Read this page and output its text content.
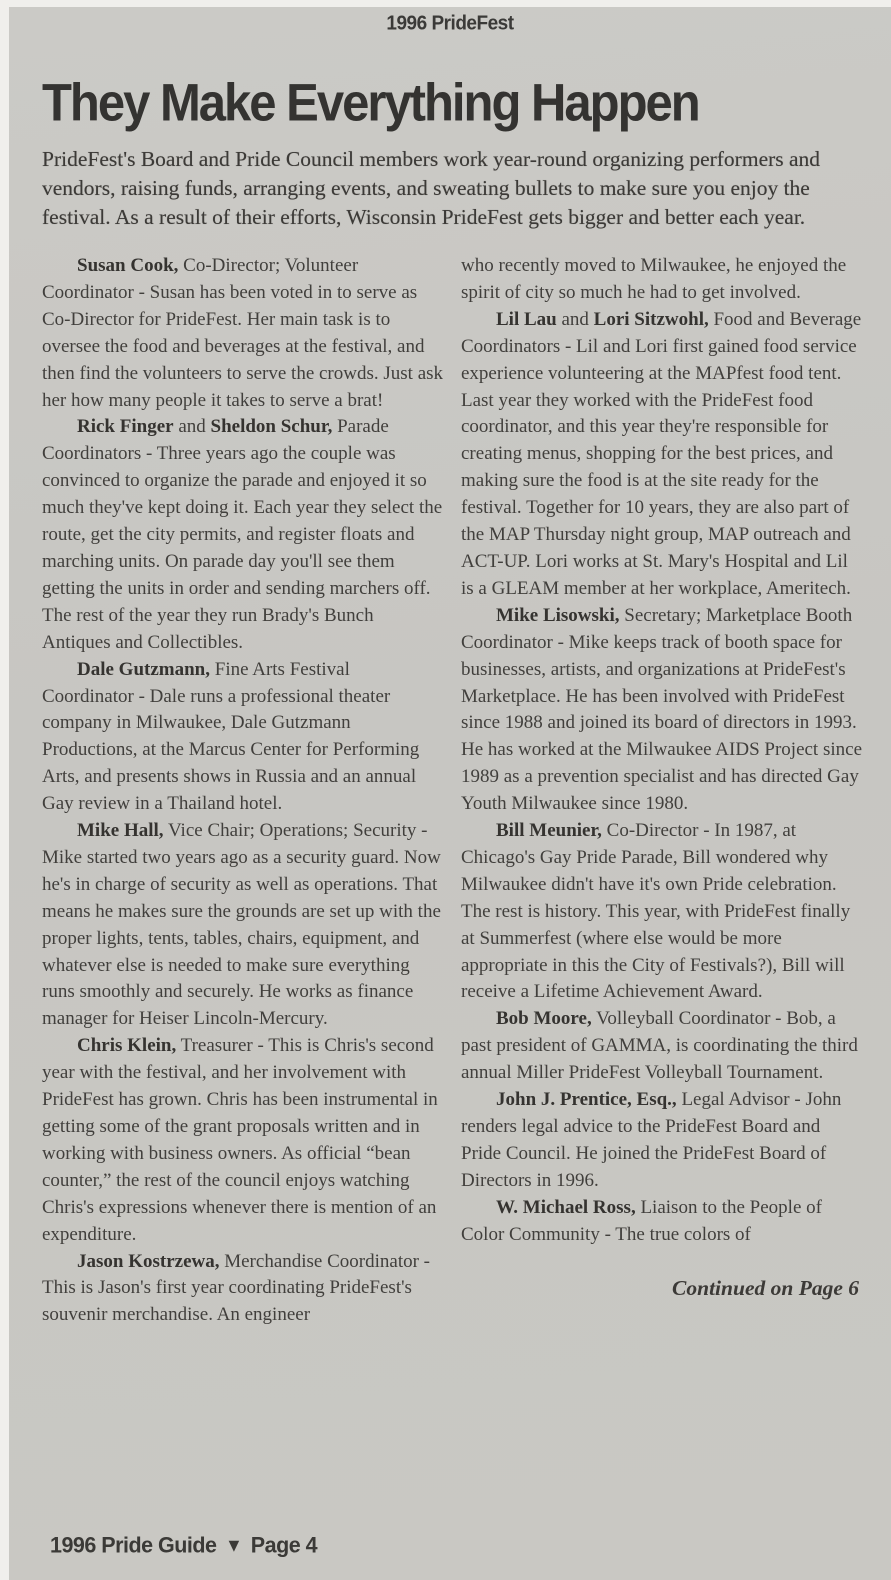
1996 PrideFest
They Make Everything Happen

PrideFest's Board and Pride Council members work year-round organizing performers and vendors, raising funds, arranging events, and sweating bullets to make sure you enjoy the festival. As a result of their efforts, Wisconsin PrideFest gets bigger and better each year.

Susan Cook, Co-Director; Volunteer Coordinator - Susan has been voted in to serve as Co-Director for PrideFest. Her main task is to oversee the food and beverages at the festival, and then find the volunteers to serve the crowds. Just ask her how many people it takes to serve a brat!

Rick Finger and Sheldon Schur, Parade Coordinators - Three years ago the couple was convinced to organize the parade and enjoyed it so much they've kept doing it. Each year they select the route, get the city permits, and register floats and marching units. On parade day you'll see them getting the units in order and sending marchers off. The rest of the year they run Brady's Bunch Antiques and Collectibles.

Dale Gutzmann, Fine Arts Festival Coordinator - Dale runs a professional theater company in Milwaukee, Dale Gutzmann Productions, at the Marcus Center for Performing Arts, and presents shows in Russia and an annual Gay review in a Thailand hotel.

Mike Hall, Vice Chair; Operations; Security - Mike started two years ago as a security guard. Now he's in charge of security as well as operations. That means he makes sure the grounds are set up with the proper lights, tents, tables, chairs, equipment, and whatever else is needed to make sure everything runs smoothly and securely. He works as finance manager for Heiser Lincoln-Mercury.

Chris Klein, Treasurer - This is Chris's second year with the festival, and her involvement with PrideFest has grown. Chris has been instrumental in getting some of the grant proposals written and in working with business owners. As official “bean counter,” the rest of the council enjoys watching Chris's expressions whenever there is mention of an expenditure.

Jason Kostrzewa, Merchandise Coordinator - This is Jason's first year coordinating PrideFest's souvenir merchandise. An engineer

who recently moved to Milwaukee, he enjoyed the spirit of city so much he had to get involved.

Lil Lau and Lori Sitzwohl, Food and Beverage Coordinators - Lil and Lori first gained food service experience volunteering at the MAPfest food tent. Last year they worked with the PrideFest food coordinator, and this year they're responsible for creating menus, shopping for the best prices, and making sure the food is at the site ready for the festival. Together for 10 years, they are also part of the MAP Thursday night group, MAP outreach and ACT-UP. Lori works at St. Mary's Hospital and Lil is a GLEAM member at her workplace, Ameritech.

Mike Lisowski, Secretary; Marketplace Booth Coordinator - Mike keeps track of booth space for businesses, artists, and organizations at PrideFest's Marketplace. He has been involved with PrideFest since 1988 and joined its board of directors in 1993. He has worked at the Milwaukee AIDS Project since 1989 as a prevention specialist and has directed Gay Youth Milwaukee since 1980.

Bill Meunier, Co-Director - In 1987, at Chicago's Gay Pride Parade, Bill wondered why Milwaukee didn't have it's own Pride celebration. The rest is history. This year, with PrideFest finally at Summerfest (where else would be more appropriate in this the City of Festivals?), Bill will receive a Lifetime Achievement Award.

Bob Moore, Volleyball Coordinator - Bob, a past president of GAMMA, is coordinating the third annual Miller PrideFest Volleyball Tournament.

John J. Prentice, Esq., Legal Advisor - John renders legal advice to the PrideFest Board and Pride Council. He joined the PrideFest Board of Directors in 1996.

W. Michael Ross, Liaison to the People of Color Community - The true colors of

Continued on Page 6
1996 Pride Guide ▼ Page 4
